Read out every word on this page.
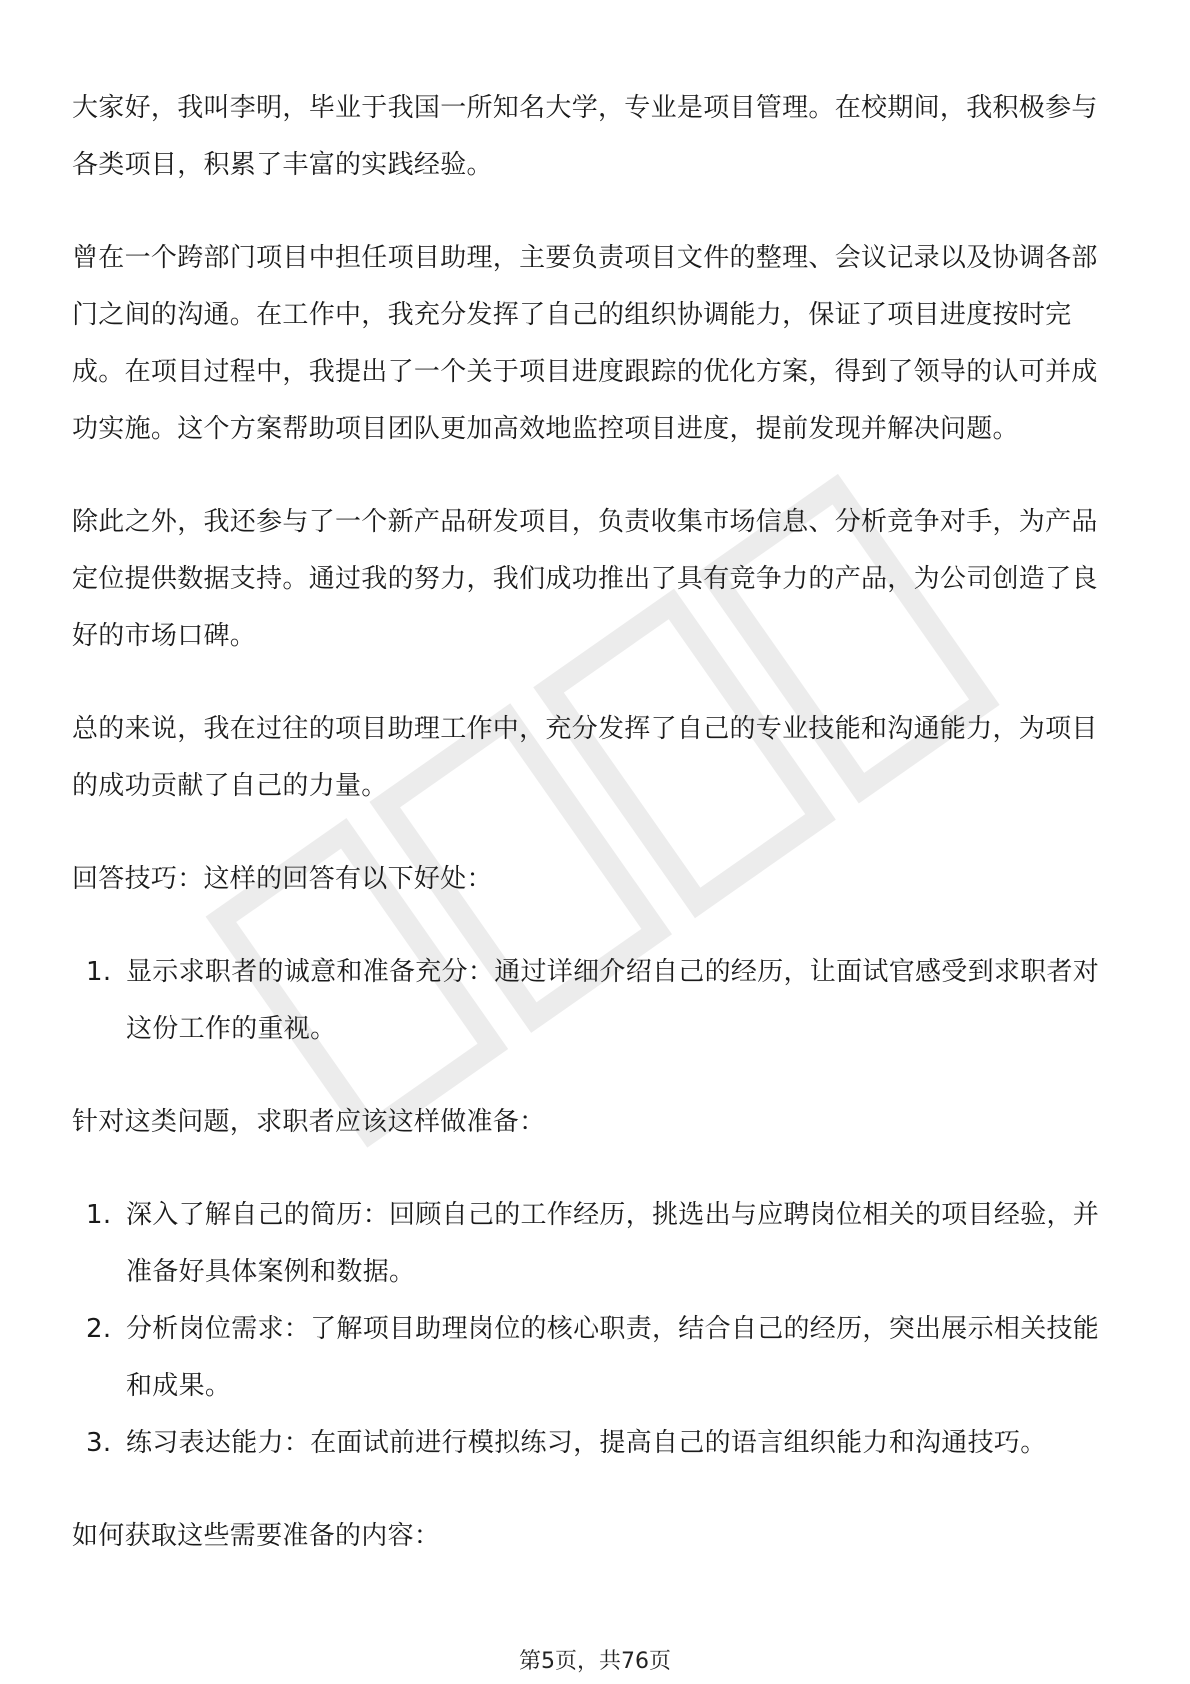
大家好，我叫李明，毕业于我国一所知名大学，专业是项目管理。在校期间，我积极参与各类项目，积累了丰富的实践经验。

曾在一个跨部门项目中担任项目助理，主要负责项目文件的整理、会议记录以及协调各部门之间的沟通。在工作中，我充分发挥了自己的组织协调能力，保证了项目进度按时完成。在项目过程中，我提出了一个关于项目进度跟踪的优化方案，得到了领导的认可并成功实施。这个方案帮助项目团队更加高效地监控项目进度，提前发现并解决问题。

除此之外，我还参与了一个新产品研发项目，负责收集市场信息、分析竞争对手，为产品定位提供数据支持。通过我的努力，我们成功推出了具有竞争力的产品，为公司创造了良好的市场口碑。

总的来说，我在过往的项目助理工作中，充分发挥了自己的专业技能和沟通能力，为项目的成功贡献了自己的力量。

回答技巧：这样的回答有以下好处：

1. 显示求职者的诚意和准备充分：通过详细介绍自己的经历，让面试官感受到求职者对这份工作的重视。

针对这类问题，求职者应该这样做准备：

1. 深入了解自己的简历：回顾自己的工作经历，挑选出与应聘岗位相关的项目经验，并准备好具体案例和数据。
2. 分析岗位需求：了解项目助理岗位的核心职责，结合自己的经历，突出展示相关技能和成果。
3. 练习表达能力：在面试前进行模拟练习，提高自己的语言组织能力和沟通技巧。

如何获取这些需要准备的内容：

第5页，共76页
